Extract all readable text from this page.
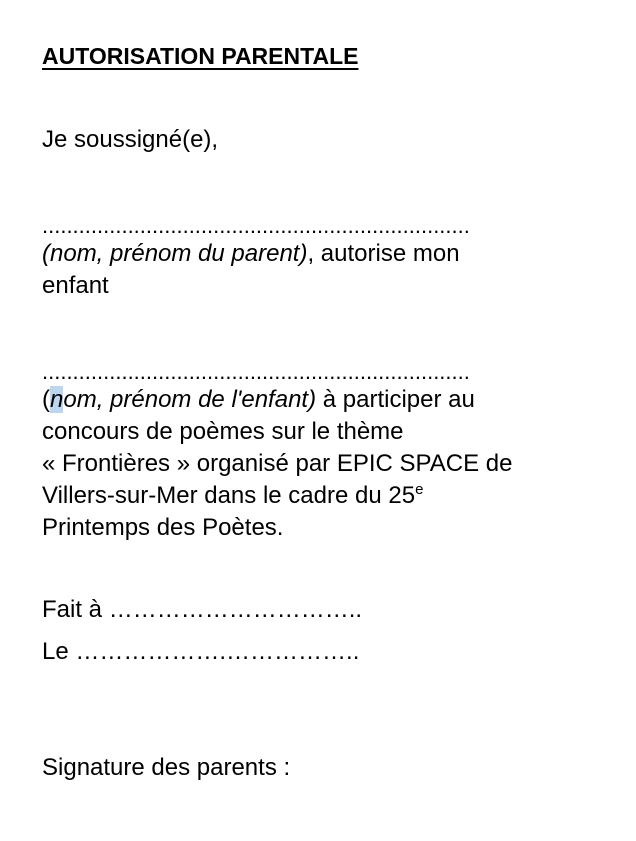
AUTORISATION PARENTALE
Je soussigné(e),
......................................................................
(nom, prénom du parent), autorise mon
enfant
......................................................................
(nom, prénom de l'enfant) à participer au
concours de poèmes sur le thème
« Frontières » organisé par EPIC SPACE de
Villers-sur-Mer dans le cadre du 25e
Printemps des Poètes.
Fait à …………………………..
Le ……………….……………..
Signature des parents :
